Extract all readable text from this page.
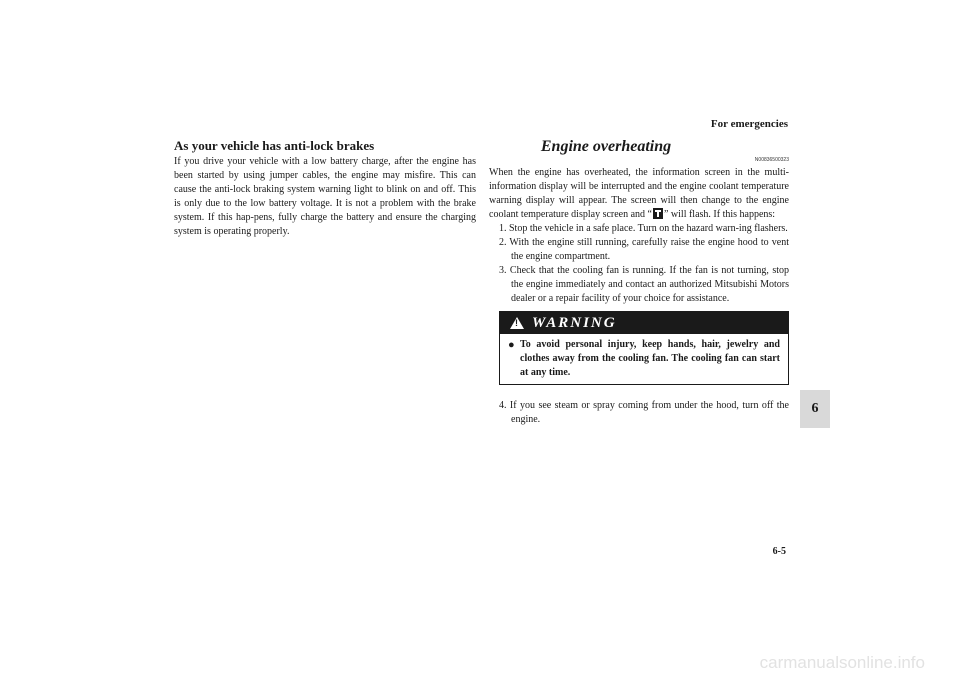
For emergencies
As your vehicle has anti-lock brakes

If you drive your vehicle with a low battery charge, after the engine has been started by using jumper cables, the engine may misfire. This can cause the anti-lock braking system warning light to blink on and off. This is only due to the low battery voltage. It is not a problem with the brake system. If this hap-pens, fully charge the battery and ensure the charging system is operating properly.

Engine overheating
N00836500323

When the engine has overheated, the information screen in the multi-information display will be interrupted and the engine coolant temperature warning display will appear. The screen will then change to the engine coolant temperature display screen and “ ” will flash. If this happens:

1. Stop the vehicle in a safe place. Turn on the hazard warn-ing flashers.
2. With the engine still running, carefully raise the engine hood to vent the engine compartment.
3. Check that the cooling fan is running. If the fan is not turning, stop the engine immediately and contact an authorized Mitsubishi Motors dealer or a repair facility of your choice for assistance.
!
WARNING
● To avoid personal injury, keep hands, hair, jewelry and clothes away from the cooling fan. The cooling fan can start at any time.
4. If you see steam or spray coming from under the hood, turn off the engine.
6
6-5
carmanualsonline.info
